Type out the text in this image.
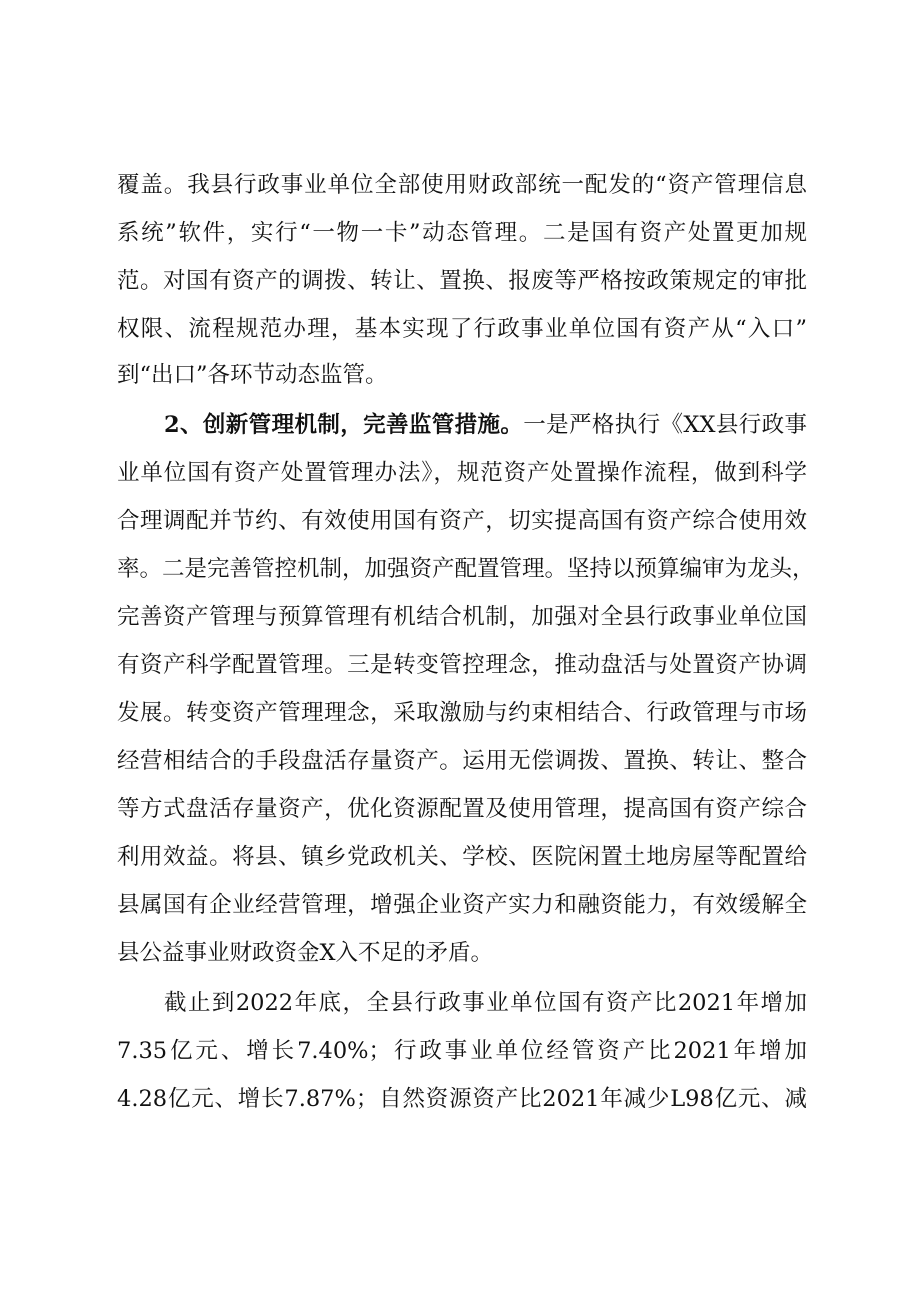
覆盖。我县行政事业单位全部使用财政部统一配发的“资产管理信息
系统”软件，实行“一物一卡”动态管理。二是国有资产处置更加规
范。对国有资产的调拨、转让、置换、报废等严格按政策规定的审批
权限、流程规范办理，基本实现了行政事业单位国有资产从“入口”
到“出口”各环节动态监管。
2、创新管理机制，完善监管措施。一是严格执行《XX县行政事
业单位国有资产处置管理办法》，规范资产处置操作流程，做到科学
合理调配并节约、有效使用国有资产，切实提高国有资产综合使用效
率。二是完善管控机制，加强资产配置管理。坚持以预算编审为龙头，
完善资产管理与预算管理有机结合机制，加强对全县行政事业单位国
有资产科学配置管理。三是转变管控理念，推动盘活与处置资产协调
发展。转变资产管理理念，采取激励与约束相结合、行政管理与市场
经营相结合的手段盘活存量资产。运用无偿调拨、置换、转让、整合
等方式盘活存量资产，优化资源配置及使用管理，提高国有资产综合
利用效益。将县、镇乡党政机关、学校、医院闲置土地房屋等配置给
县属国有企业经营管理，增强企业资产实力和融资能力，有效缓解全
县公益事业财政资金X入不足的矛盾。
截止到2022年底，全县行政事业单位国有资产比2021年增加
7.35亿元、增长7.40%；行政事业单位经管资产比2021年增加
4.28亿元、增长7.87%；自然资源资产比2021年减少L98亿元、减
